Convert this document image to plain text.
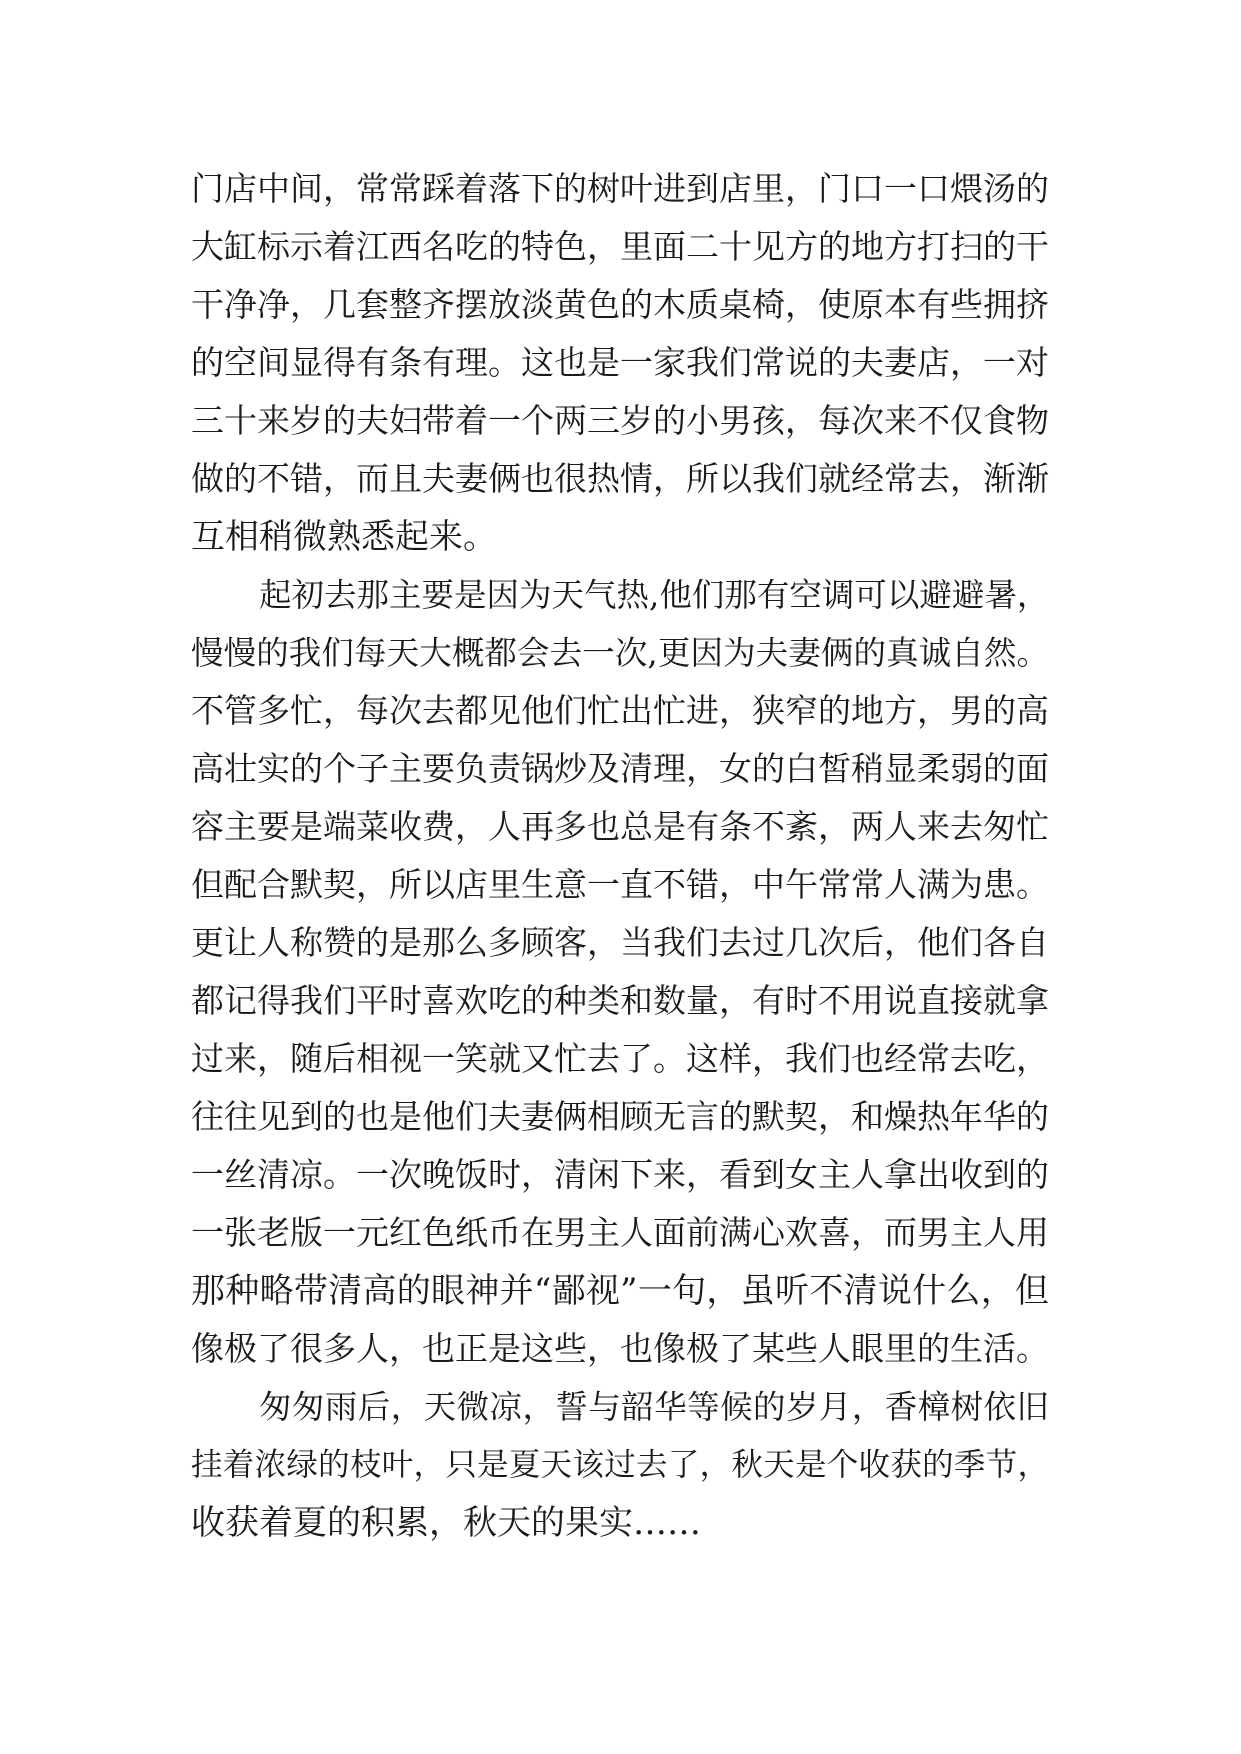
门店中间，常常踩着落下的树叶进到店里，门口一口煨汤的
大缸标示着江西名吃的特色，里面二十见方的地方打扫的干
干净净，几套整齐摆放淡黄色的木质桌椅，使原本有些拥挤
的空间显得有条有理。这也是一家我们常说的夫妻店，一对
三十来岁的夫妇带着一个两三岁的小男孩，每次来不仅食物
做的不错，而且夫妻俩也很热情，所以我们就经常去，渐渐
互相稍微熟悉起来。
起初去那主要是因为天气热,他们那有空调可以避避暑，
慢慢的我们每天大概都会去一次,更因为夫妻俩的真诚自然。
不管多忙，每次去都见他们忙出忙进，狭窄的地方，男的高
高壮实的个子主要负责锅炒及清理，女的白皙稍显柔弱的面
容主要是端菜收费，人再多也总是有条不紊，两人来去匆忙
但配合默契，所以店里生意一直不错，中午常常人满为患。
更让人称赞的是那么多顾客，当我们去过几次后，他们各自
都记得我们平时喜欢吃的种类和数量，有时不用说直接就拿
过来，随后相视一笑就又忙去了。这样，我们也经常去吃，
往往见到的也是他们夫妻俩相顾无言的默契，和燥热年华的
一丝清凉。一次晚饭时，清闲下来，看到女主人拿出收到的
一张老版一元红色纸币在男主人面前满心欢喜，而男主人用
那种略带清高的眼神并“鄙视”一句，虽听不清说什么，但
像极了很多人，也正是这些，也像极了某些人眼里的生活。
匆匆雨后，天微凉，誓与韶华等候的岁月，香樟树依旧
挂着浓绿的枝叶，只是夏天该过去了，秋天是个收获的季节，
收获着夏的积累，秋天的果实……
